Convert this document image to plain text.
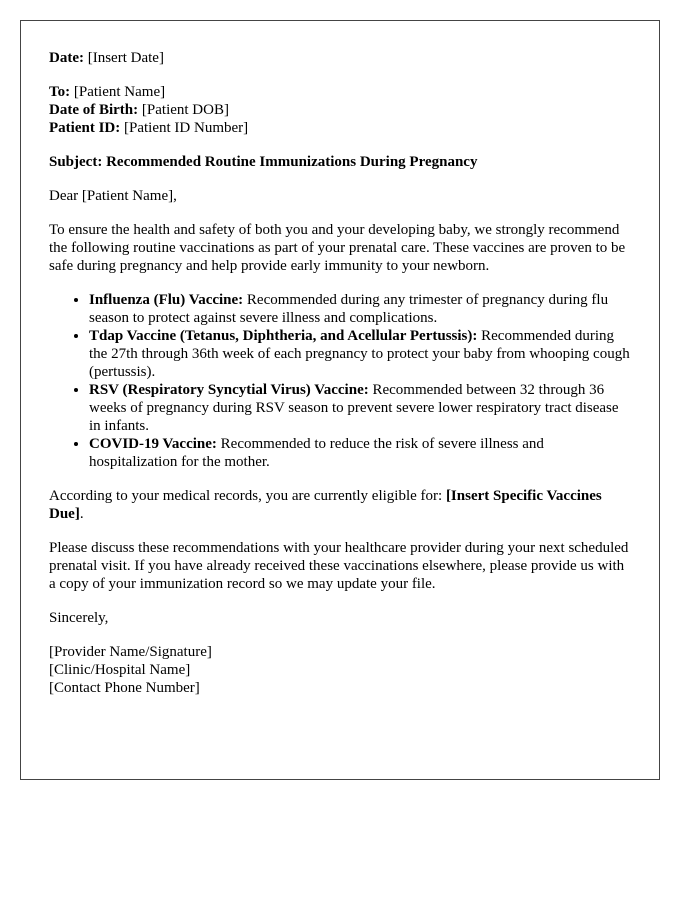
Date: [Insert Date]

To: [Patient Name]

Date of Birth: [Patient DOB]

Patient ID: [Patient ID Number]

Subject: Recommended Routine Immunizations During Pregnancy

Dear [Patient Name],

To ensure the health and safety of both you and your developing baby, we strongly recommend the following routine vaccinations as part of your prenatal care. These vaccines are proven to be safe during pregnancy and help provide early immunity to your newborn.

• Influenza (Flu) Vaccine: Recommended during any trimester of pregnancy during flu season to protect against severe illness and complications.
• Tdap Vaccine (Tetanus, Diphtheria, and Acellular Pertussis): Recommended during the 27th through 36th week of each pregnancy to protect your baby from whooping cough (pertussis).
• RSV (Respiratory Syncytial Virus) Vaccine: Recommended between 32 through 36 weeks of pregnancy during RSV season to prevent severe lower respiratory tract disease in infants.
• COVID-19 Vaccine: Recommended to reduce the risk of severe illness and hospitalization for the mother.

According to your medical records, you are currently eligible for: [Insert Specific Vaccines Due].

Please discuss these recommendations with your healthcare provider during your next scheduled prenatal visit. If you have already received these vaccinations elsewhere, please provide us with a copy of your immunization record so we may update your file.

Sincerely,

[Provider Name/Signature]

[Clinic/Hospital Name]

[Contact Phone Number]
